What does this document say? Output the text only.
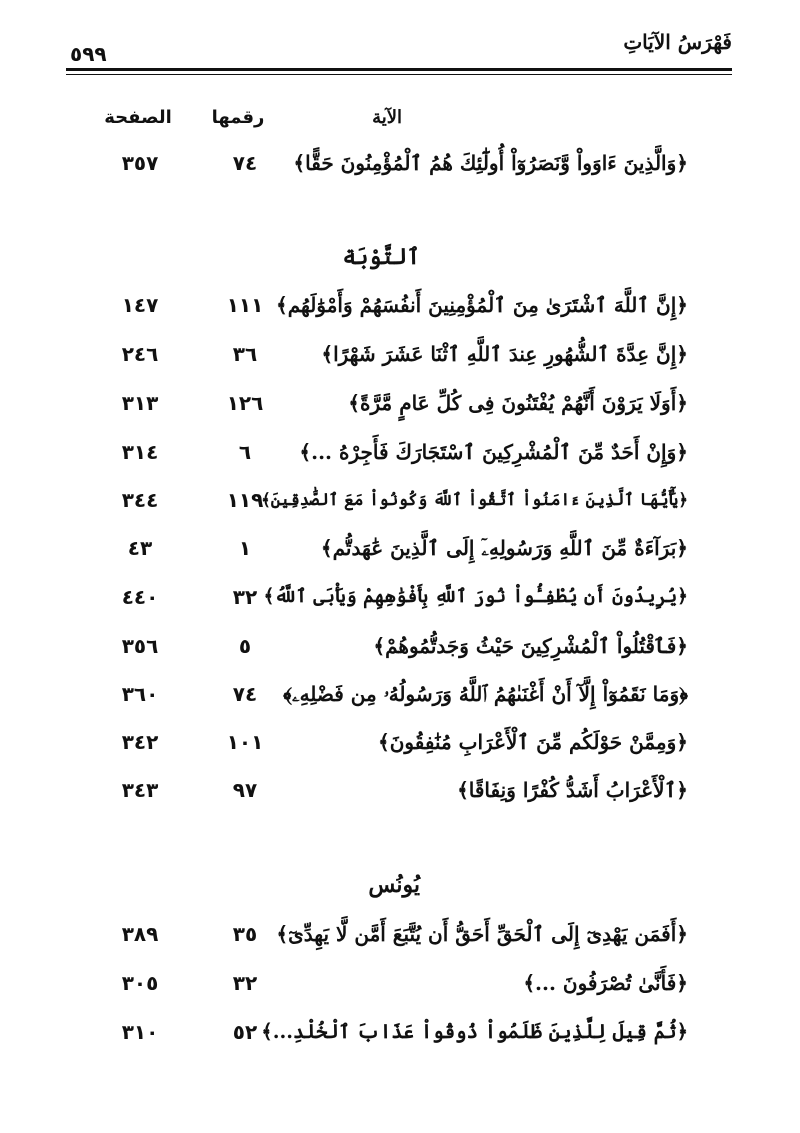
فَهْرَسُ الآيَاتِ
٥٩٩
الآية
رقمها
الصفحة
﴿وَالَّذِينَ ءَاوَواْ وَّنَصَرُوٓاْ أُولَٰٓئِكَ هُمُ ٱلْمُؤْمِنُونَ حَقًّا﴾
٧٤
٣٥٧
ٱلتَّوْبَة
﴿إِنَّ ٱللَّهَ ٱشْتَرَىٰ مِنَ ٱلْمُؤْمِنِينَ أَنفُسَهُمْ وَأَمْوَٰلَهُم﴾
١١١
١٤٧
﴿إِنَّ عِدَّةَ ٱلشُّهُورِ عِندَ ٱللَّهِ ٱثْنَا عَشَرَ شَهْرًا﴾
٣٦
٢٤٦
﴿أَوَلَا يَرَوْنَ أَنَّهُمْ يُفْتَنُونَ فِى كُلِّ عَامٍ مَّرَّةً﴾
١٢٦
٣١٣
﴿وَإِنْ أَحَدٌ مِّنَ ٱلْمُشْرِكِينَ ٱسْتَجَارَكَ فَأَجِرْهُ ...﴾
٦
٣١٤
﴿يَٰٓأَيُّهَا ٱلَّذِينَ ءَامَنُواْ ٱتَّقُواْ ٱللَّهَ وَكُونُواْ مَعَ ٱلصَّٰدِقِينَ﴾
١١٩
٣٤٤
﴿بَرَآءَةٌ مِّنَ ٱللَّهِ وَرَسُولِهِۦٓ إِلَى ٱلَّذِينَ عَٰهَدتُّم﴾
١
٤٣
﴿يُرِيدُونَ أَن يُطْفِـُٔواْ نُورَ ٱللَّهِ بِأَفْوَٰهِهِمْ وَيَأْبَى ٱللَّهُ﴾
٣٢
٤٤٠
﴿فَٱقْتُلُواْ ٱلْمُشْرِكِينَ حَيْثُ وَجَدتُّمُوهُمْ﴾
٥
٣٥٦
﴿وَمَا نَقَمُوٓاْ إِلَّآ أَنْ أَغْنَىٰهُمُ ٱللَّهُ وَرَسُولُهُۥ مِن فَضْلِهِۦ﴾
٧٤
٣٦٠
﴿وَمِمَّنْ حَوْلَكُم مِّنَ ٱلْأَعْرَابِ مُنَٰفِقُونَ﴾
١٠١
٣٤٢
﴿ٱلْأَعْرَابُ أَشَدُّ كُفْرًا وَنِفَاقًا﴾
٩٧
٣٤٣
يُونُس
﴿أَفَمَن يَهْدِىٓ إِلَى ٱلْحَقِّ أَحَقُّ أَن يُتَّبَعَ أَمَّن لَّا يَهِدِّىٓ﴾
٣٥
٣٨٩
﴿فَأَنَّىٰ تُصْرَفُونَ ...﴾
٣٢
٣٠٥
﴿ثُمَّ قِيلَ لِلَّذِينَ ظَلَمُواْ ذُوقُواْ عَذَابَ ٱلْخُلْدِ...﴾
٥٢
٣١٠
